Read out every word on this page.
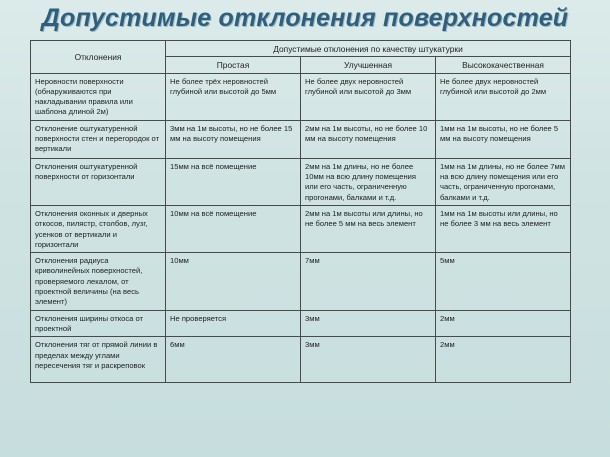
Допустимые отклонения поверхностей
Отклонения	Допустимые отклонения по качеству штукатурки		
	Простая	Улучшенная	Высококачественная
Неровности поверхности (обнаруживаются при накладывании правила или шаблона длиной 2м)	Не более трёх неровностей глубиной или высотой до 5мм	Не более двух неровностей глубиной или высотой до 3мм	Не более двух неровностей глубиной или высотой до 2мм
Отклонение оштукатуренной поверхности стен и перегородок от вертикали	3мм на 1м высоты, но не более 15 мм на высоту помещения	2мм на 1м высоты, но не более 10 мм на высоту помещения	1мм на 1м высоты, но не более 5 мм на высоту помещения
Отклонения оштукатуренной поверхности от горизонтали	15мм на всё помещение	2мм на 1м длины, но не более 10мм на всю длину помещения или его часть, ограниченную прогонами, балками и т.д.	1мм на 1м длины, но не более 7мм на всю длину помещения или его часть, ограниченную прогонами, балками и т.д.
Отклонения оконных и дверных откосов, пилястр, столбов, лузг, усенков от вертикали и горизонтали	10мм на всё помещение	2мм на 1м высоты или длины, но не более 5 мм на весь элемент	1мм на 1м высоты или длины, но не более 3 мм на весь элемент
Отклонения радиуса криволинейных поверхностей, проверяемого лекалом, от проектной величины (на весь элемент)	10мм	7мм	5мм
Отклонения ширины откоса от проектной	Не проверяется	3мм	2мм
Отклонения тяг от прямой линии в пределах между углами пересечения тяг и раскреповок	6мм	3мм	2мм
